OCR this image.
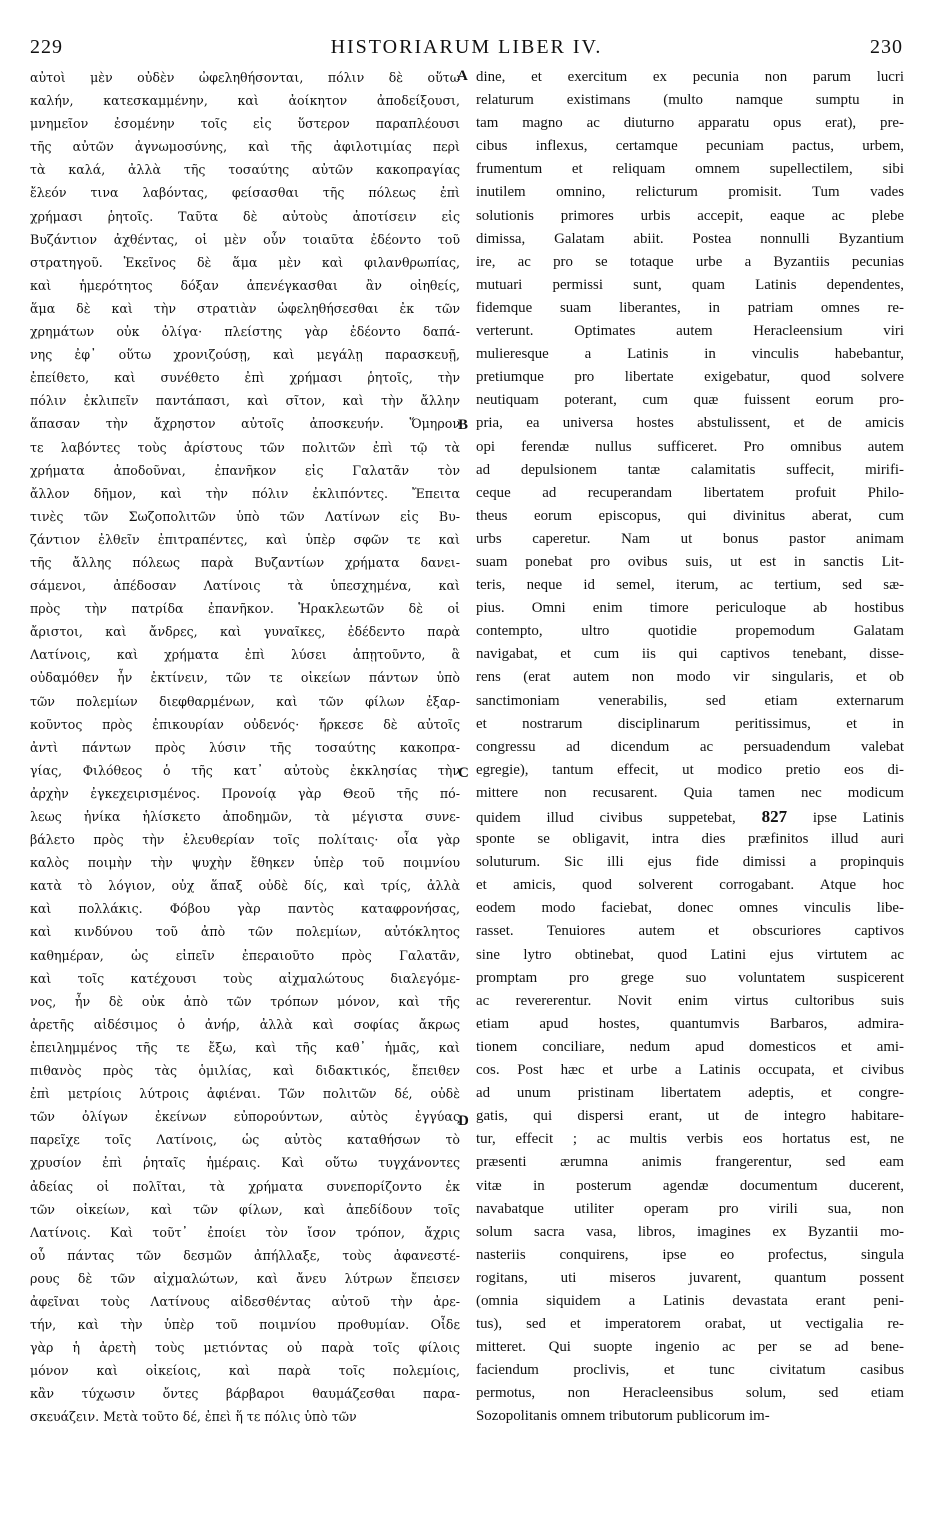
229	HISTORIARUM LIBER IV.	230
αὐτοὶ μὲν οὐδὲν ὠφεληθήσονται, πόλιν δὲ οὕτω
καλήν, κατεσκαμμένην, καὶ ἀοίκητον ἀποδείξουσι,
μνημεῖον ἐσομένην τοῖς εἰς ὕστερον παραπλέουσι
τῆς αὐτῶν ἀγνωμοσύνης, καὶ τῆς ἀφιλοτιμίας περὶ
τὰ καλά, ἀλλὰ τῆς τοσαύτης αὐτῶν κακοπραγίας
ἔλεόν τινα λαβόντας, φείσασθαι τῆς πόλεως ἐπὶ
χρήμασι ῥητοῖς. Ταῦτα δὲ αὐτοὺς ἀποτίσειν εἰς
Βυζάντιον ἀχθέντας, οἱ μὲν οὖν τοιαῦτα ἐδέοντο τοῦ
στρατηγοῦ. Ἐκεῖνος δὲ ἅμα μὲν καὶ φιλανθρωπίας,
καὶ ἡμερότητος δόξαν ἀπενέγκασθαι ἂν οἰηθείς,
ἅμα δὲ καὶ τὴν στρατιὰν ὠφεληθήσεσθαι ἐκ τῶν
χρημάτων οὐκ ὀλίγα· πλείστης γὰρ ἐδέοντο δαπά-
νης ἐφ᾽ οὕτω χρονιζούσῃ, καὶ μεγάλῃ παρασκευῇ,
ἐπείθετο, καὶ συνέθετο ἐπὶ χρήμασι ῥητοῖς, τὴν
πόλιν ἐκλιπεῖν παντάπασι, καὶ σῖτον, καὶ τὴν ἄλλην
ἅπασαν τὴν ἄχρηστον αὐτοῖς ἀποσκευήν. Ὅμηρον
τε λαβόντες τοὺς ἀρίστους τῶν πολιτῶν ἐπὶ τῷ τὰ
χρήματα ἀποδοῦναι, ἐπανῆκον εἰς Γαλατᾶν τὸν
ἄλλον δῆμον, καὶ τὴν πόλιν ἐκλιπόντες. Ἔπειτα
τινὲς τῶν Σωζοπολιτῶν ὑπὸ τῶν Λατίνων εἰς Βυ-
ζάντιον ἐλθεῖν ἐπιτραπέντες, καὶ ὑπὲρ σφῶν τε καὶ
τῆς ἄλλης πόλεως παρὰ Βυζαντίων χρήματα δανει-
σάμενοι, ἀπέδοσαν Λατίνοις τὰ ὑπεσχημένα, καὶ
πρὸς τὴν πατρίδα ἐπανῆκον. Ἡρακλεωτῶν δὲ οἱ
ἄριστοι, καὶ ἄνδρες, καὶ γυναῖκες, ἐδέδεντο παρὰ
Λατίνοις, καὶ χρήματα ἐπὶ λύσει ἀπῃτοῦντο, ἃ
οὐδαμόθεν ἦν ἐκτίνειν, τῶν τε οἰκείων πάντων ὑπὸ
τῶν πολεμίων διεφθαρμένων, καὶ τῶν φίλων ἐξαρ-
κοῦντος πρὸς ἐπικουρίαν οὐδενός· ἤρκεσε δὲ αὐτοῖς
ἀντὶ πάντων πρὸς λύσιν τῆς τοσαύτης κακοπρα-
γίας, Φιλόθεος ὁ τῆς κατ᾽ αὐτοὺς ἐκκλησίας τὴν
ἀρχὴν ἐγκεχειρισμένος. Προνοίᾳ γὰρ Θεοῦ τῆς πό-
λεως ἡνίκα ἡλίσκετο ἀποδημῶν, τὰ μέγιστα συνε-
βάλετο πρὸς τὴν ἐλευθερίαν τοῖς πολίταις· οἷα γὰρ
καλὸς ποιμὴν τὴν ψυχὴν ἔθηκεν ὑπὲρ τοῦ ποιμνίου
κατὰ τὸ λόγιον, οὐχ ἅπαξ οὐδὲ δίς, καὶ τρίς, ἀλλὰ
καὶ πολλάκις. Φόβου γὰρ παντὸς καταφρονήσας,
καὶ κινδύνου τοῦ ἀπὸ τῶν πολεμίων, αὐτόκλητος
καθημέραν, ὡς εἰπεῖν ἐπεραιοῦτο πρὸς Γαλατᾶν,
καὶ τοῖς κατέχουσι τοὺς αἰχμαλώτους διαλεγόμε-
νος, ἦν δὲ οὐκ ἀπὸ τῶν τρόπων μόνον, καὶ τῆς
ἀρετῆς αἰδέσιμος ὁ ἀνήρ, ἀλλὰ καὶ σοφίας ἄκρως
ἐπειλημμένος τῆς τε ἔξω, καὶ τῆς καθ᾽ ἡμᾶς, καὶ
πιθανὸς πρὸς τὰς ὁμιλίας, καὶ διδακτικός, ἔπειθεν
ἐπὶ μετρίοις λύτροις ἀφιέναι. Τῶν πολιτῶν δέ, οὐδὲ
τῶν ὀλίγων ἐκείνων εὐπορούντων, αὐτὸς ἐγγύας
παρεῖχε τοῖς Λατίνοις, ὡς αὐτὸς καταθήσων τὸ
χρυσίον ἐπὶ ῥηταῖς ἡμέραις. Καὶ οὕτω τυγχάνοντες
ἀδείας οἱ πολῖται, τὰ χρήματα συνεπορίζοντο ἐκ
τῶν οἰκείων, καὶ τῶν φίλων, καὶ ἀπεδίδουν τοῖς
Λατίνοις. Καὶ τοῦτ᾽ ἐποίει τὸν ἴσον τρόπον, ἄχρις
οὗ πάντας τῶν δεσμῶν ἀπήλλαξε, τοὺς ἀφανεστέ-
ρους δὲ τῶν αἰχμαλώτων, καὶ ἄνευ λύτρων ἔπεισεν
ἀφεῖναι τοὺς Λατίνους αἰδεσθέντας αὐτοῦ τὴν ἀρε-
τήν, καὶ τὴν ὑπὲρ τοῦ ποιμνίου προθυμίαν. Οἶδε
γὰρ ἡ ἀρετὴ τοὺς μετιόντας οὐ παρὰ τοῖς φίλοις
μόνον καὶ οἰκείοις, καὶ παρὰ τοῖς πολεμίοις,
κἂν τύχωσιν ὄντες βάρβαροι θαυμάζεσθαι παρα-
σκευάζειν. Μετὰ τοῦτο δέ, ἐπεὶ ἥ τε πόλις ὑπὸ τῶν
dine, et exercitum ex pecunia non parum lucri
relaturum existimans (multo namque sumptu in
tam magno ac diuturno apparatu opus erat), pre-
cibus inflexus, certamque pecuniam pactus, urbem,
frumentum et reliquam omnem supellectilem, sibi
inutilem omnino, relicturum promisit. Tum vades
solutionis primores urbis accepit, eaque ac plebe
dimissa, Galatam abiit. Postea nonnulli Byzantium
ire, ac pro se totaque urbe a Byzantiis pecunias
mutuari permissi sunt, quam Latinis dependentes,
fidemque suam liberantes, in patriam omnes re-
verterunt. Optimates autem Heracleensium viri
mulieresque a Latinis in vinculis habebantur,
pretiumque pro libertate exigebatur, quod solvere
neutiquam poterant, cum quæ fuissent eorum pro-
pria, ea universa hostes abstulissent, et de amicis
opi ferendæ nullus sufficeret. Pro omnibus autem
ad depulsionem tantæ calamitatis suffecit, mirifi-
ceque ad recuperandam libertatem profuit Philo-
theus eorum episcopus, qui divinitus aberat, cum
urbs caperetur. Nam ut bonus pastor animam
suam ponebat pro ovibus suis, ut est in sanctis Lit-
teris, neque id semel, iterum, ac tertium, sed sæ-
pius. Omni enim timore periculoque ab hostibus
contempto, ultro quotidie propemodum Galatam
navigabat, et cum iis qui captivos tenebant, disse-
rens (erat autem non modo vir singularis, et ob
sanctimoniam venerabilis, sed etiam externarum
et nostrarum disciplinarum peritissimus, et in
congressu ad dicendum ac persuadendum valebat
egregie), tantum effecit, ut modico pretio eos di-
mittere non recusarent. Quia tamen nec modicum
quidem illud civibus suppetebat, 827 ipse Latinis
sponte se obligavit, intra dies præfinitos illud auri
soluturum. Sic illi ejus fide dimissi a propinquis
et amicis, quod solverent corrogabant. Atque hoc
eodem modo faciebat, donec omnes vinculis libe-
rasset. Tenuiores autem et obscuriores captivos
sine lytro obtinebat, quod Latini ejus virtutem ac
promptam pro grege suo voluntatem suspicerent
ac revererentur. Novit enim virtus cultoribus suis
etiam apud hostes, quantumvis Barbaros, admira-
tionem conciliare, nedum apud domesticos et ami-
cos. Post hæc et urbe a Latinis occupata, et civibus
ad unum pristinam libertatem adeptis, et congre-
gatis, qui dispersi erant, ut de integro habitare-
tur, effecit ; ac multis verbis eos hortatus est, ne
præsenti ærumna animis frangerentur, sed eam
vitæ in posterum agendæ documentum ducerent,
navabatque utiliter operam pro virili sua, non
solum sacra vasa, libros, imagines ex Byzantii mo-
nasteriis conquirens, ipse eo profectus, singula
rogitans, uti miseros juvarent, quantum possent
(omnia siquidem a Latinis devastata erant peni-
tus), sed et imperatorem orabat, ut vectigalia re-
mitteret. Qui suopte ingenio ac per se ad bene-
faciendum proclivis, et tunc civitatum casibus
permotus, non Heracleensibus solum, sed etiam
Sozopolitanis omnem tributorum publicorum im-
A
B
C
D
